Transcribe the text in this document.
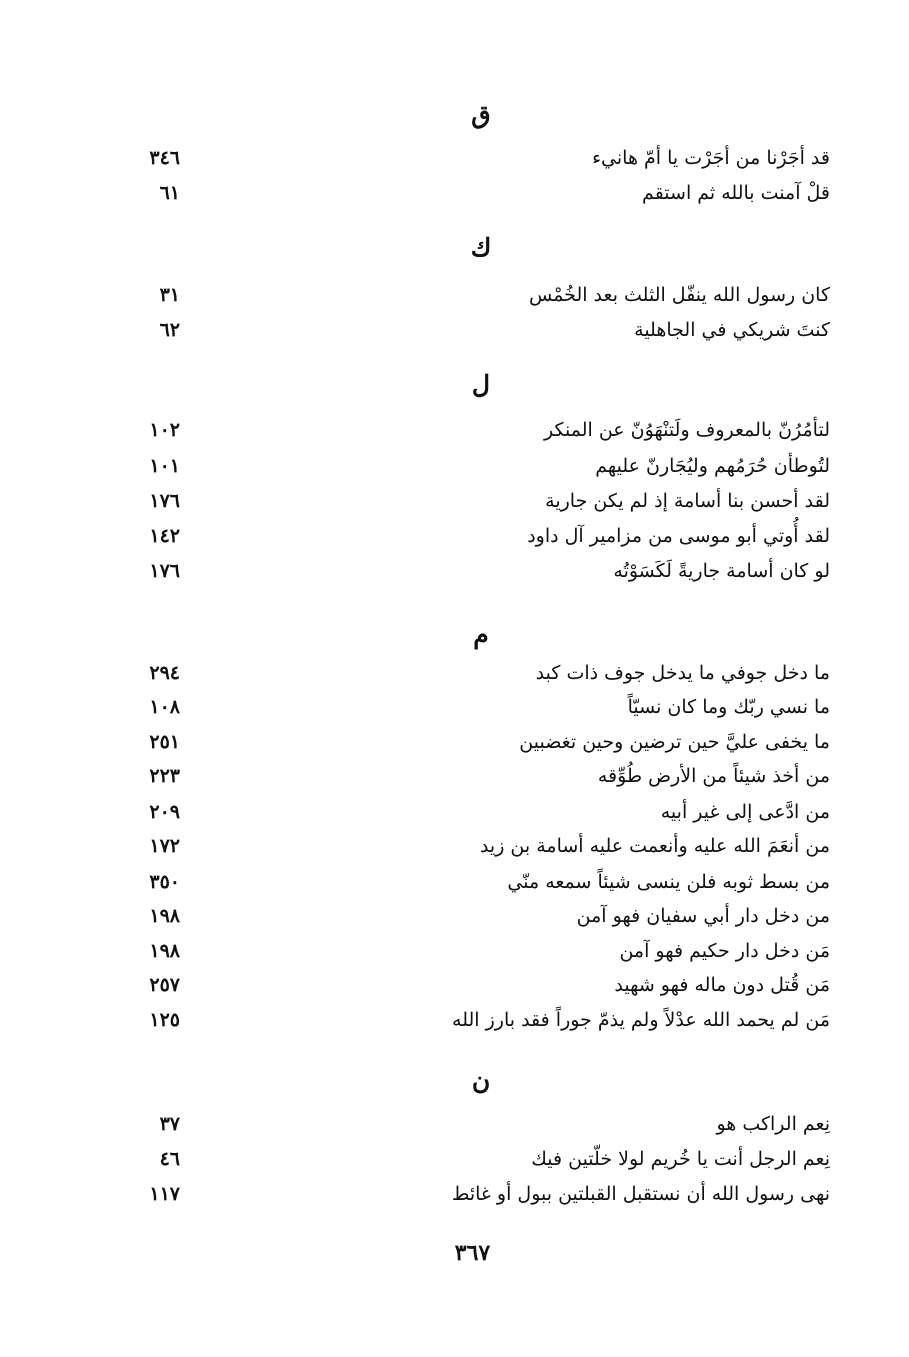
ق
٣٤٦	قد أجَرْنا من أجَرْت يا أمّ هانيء
٦١	قلْ آمنت بالله ثم استقم
ك
٣١	كان رسول الله ينفّل الثلث بعد الخُمْس
٦٢	كنتَ شريكي في الجاهلية
ل
١٠٢	لتأمُرُنّ بالمعروف ولَتنْهَوُنّ عن المنكر
١٠١	لتُوطأن حُرَمُهم وليُجَارنّ عليهم
١٧٦	لقد أحسن بنا أسامة إذ لم يكن جارية
١٤٢	لقد أُوتي أبو موسى من مزامير آل داود
١٧٦	لو كان أسامة جاريةً لَكَسَوْتُه
م
٢٩٤	ما دخل جوفي ما يدخل جوف ذات كبد
١٠٨	ما نسي ربّك وما كان نسيّاً
٢٥١	ما يخفى عليَّ حين ترضين وحين تغضبين
٢٢٣	من أخذ شيئاً من الأرض طُوِّقه
٢٠٩	من ادَّعى إلى غير أبيه
١٧٢	من أنعَمَ الله عليه وأنعمت عليه أسامة بن زيد
٣٥٠	من بسط ثوبه فلن ينسى شيئاً سمعه منّي
١٩٨	من دخل دار أبي سفيان فهو آمن
١٩٨	مَن دخل دار حكيم فهو آمن
٢٥٧	مَن قُتل دون ماله فهو شهيد
١٢٥	مَن لم يحمد الله عدْلاً ولم يذمّ جوراً فقد بارز الله
ن
٣٧	نِعم الراكب هو
٤٦	نِعم الرجل أنت يا خُريم لولا خلّتين فيك
١١٧	نهى رسول الله أن نستقبل القبلتين ببول أو غائط
٣٦٧
